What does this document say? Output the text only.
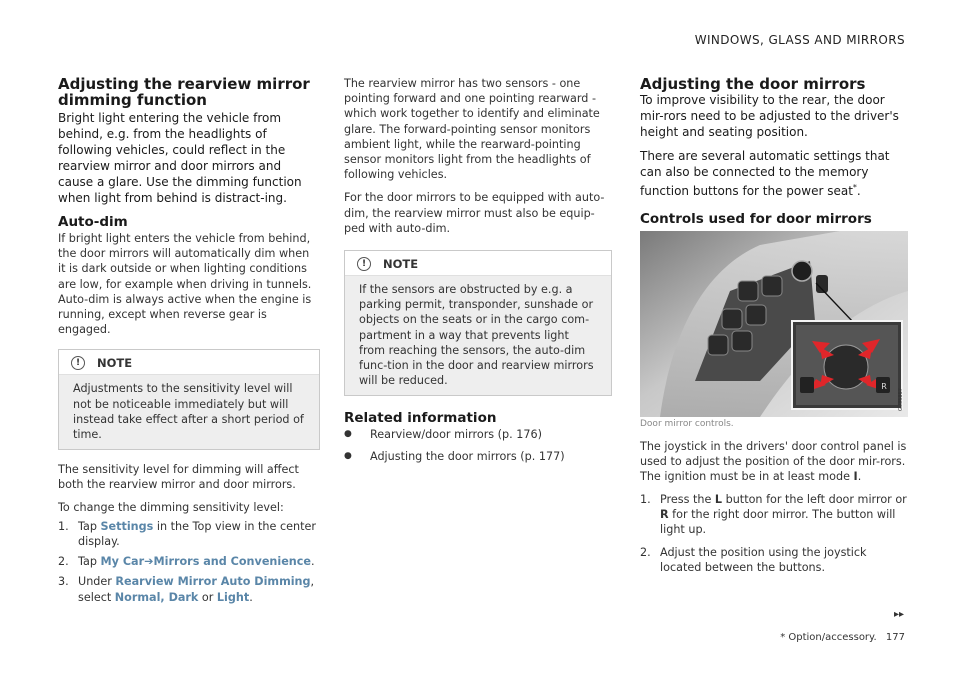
WINDOWS, GLASS AND MIRRORS
Adjusting the rearview mirror dimming function
Bright light entering the vehicle from behind, e.g. from the headlights of following vehicles, could reflect in the rearview mirror and door mirrors and cause a glare. Use the dimming function when light from behind is distract-ing.
Auto-dim

If bright light enters the vehicle from behind, the door mirrors will automatically dim when it is dark outside or when lighting conditions are low, for example when driving in tunnels. Auto-dim is always active when the engine is running, except when reverse gear is engaged.

!	NOTE
Adjustments to the sensitivity level will not be noticeable immediately but will instead take effect after a short period of time.

The sensitivity level for dimming will affect both the rearview mirror and door mirrors.

To change the dimming sensitivity level:

1. Tap Settings in the Top view in the center display.
2. Tap My Car➔Mirrors and Convenience.
3. Under Rearview Mirror Auto Dimming, select Normal, Dark or Light.

The rearview mirror has two sensors - one pointing forward and one pointing rearward - which work together to identify and eliminate glare. The forward-pointing sensor monitors ambient light, while the rearward-pointing sensor monitors light from the headlights of following vehicles.

For the door mirrors to be equipped with auto-dim, the rearview mirror must also be equip-ped with auto-dim.

!	NOTE
If the sensors are obstructed by e.g. a parking permit, transponder, sunshade or objects on the seats or in the cargo com-partment in a way that prevents light from reaching the sensors, the auto-dim func-tion in the door and rearview mirrors will be reduced.
Related information
●	Rearview/door mirrors (p. 176)
●	Adjusting the door mirrors (p. 177)
Adjusting the door mirrors
To improve visibility to the rear, the door mir-rors need to be adjusted to the driver's height and seating position.
There are several automatic settings that can also be connected to the memory function buttons for the power seat*.
Controls used for door mirrors
R
G035857
Door mirror controls.

The joystick in the drivers' door control panel is used to adjust the position of the door mir-rors. The ignition must be in at least mode I.

1. Press the L button for the left door mirror or R for the right door mirror. The button will light up.
2. Adjust the position using the joystick located between the buttons.
▸▸
* Option/accessory. 177
